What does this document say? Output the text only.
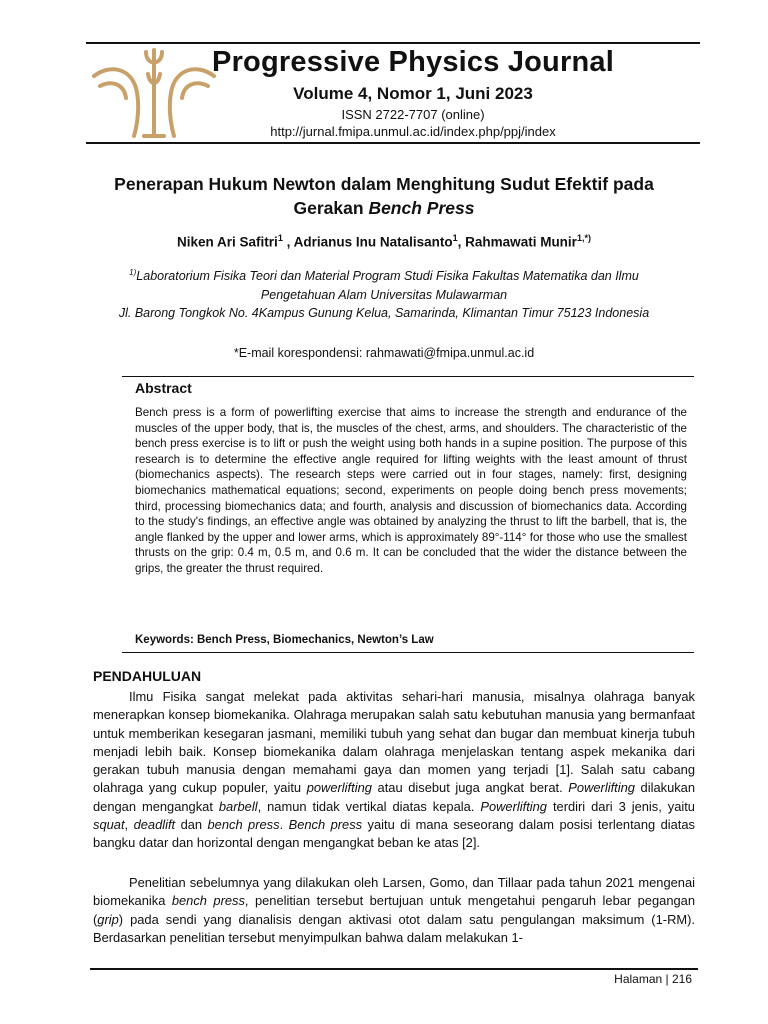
Progressive Physics Journal
Volume 4, Nomor 1, Juni 2023
ISSN 2722-7707 (online)
http://jurnal.fmipa.unmul.ac.id/index.php/ppj/index
Penerapan Hukum Newton dalam Menghitung Sudut Efektif pada
Gerakan Bench Press
Niken Ari Safitri$^1$ , Adrianus Inu Natalisanto$^1$, Rahmawati Munir$^{1,*)}$
$^{1)}$Laboratorium Fisika Teori dan Material Program Studi Fisika Fakultas Matematika dan Ilmu
Pengetahuan Alam Universitas Mulawarman
Jl. Barong Tongkok No. 4Kampus Gunung Kelua, Samarinda, Klimantan Timur 75123 Indonesia
*E-mail korespondensi: rahmawati@fmipa.unmul.ac.id
Abstract
Bench press is a form of powerlifting exercise that aims to increase the strength and endurance of the muscles of the upper body, that is, the muscles of the chest, arms, and shoulders. The characteristic of the bench press exercise is to lift or push the weight using both hands in a supine position. The purpose of this research is to determine the effective angle required for lifting weights with the least amount of thrust (biomechanics aspects). The research steps were carried out in four stages, namely: first, designing biomechanics mathematical equations; second, experiments on people doing bench press movements; third, processing biomechanics data; and fourth, analysis and discussion of biomechanics data. According to the study's findings, an effective angle was obtained by analyzing the thrust to lift the barbell, that is, the angle flanked by the upper and lower arms, which is approximately 89°-114° for those who use the smallest thrusts on the grip: 0.4 m, 0.5 m, and 0.6 m. It can be concluded that the wider the distance between the grips, the greater the thrust required.
Keywords: Bench Press, Biomechanics, Newton’s Law
PENDAHULUAN

Ilmu Fisika sangat melekat pada aktivitas sehari-hari manusia, misalnya olahraga banyak menerapkan konsep biomekanika. Olahraga merupakan salah satu kebutuhan manusia yang bermanfaat untuk memberikan kesegaran jasmani, memiliki tubuh yang sehat dan bugar dan membuat kinerja tubuh menjadi lebih baik. Konsep biomekanika dalam olahraga menjelaskan tentang aspek mekanika dari gerakan tubuh manusia dengan memahami gaya dan momen yang terjadi [1]. Salah satu cabang olahraga yang cukup populer, yaitu powerlifting atau disebut juga angkat berat. Powerlifting dilakukan dengan mengangkat barbell, namun tidak vertikal diatas kepala. Powerlifting terdiri dari 3 jenis, yaitu squat, deadlift dan bench press. Bench press yaitu di mana seseorang dalam posisi terlentang diatas bangku datar dan horizontal dengan mengangkat beban ke atas [2].

Penelitian sebelumnya yang dilakukan oleh Larsen, Gomo, dan Tillaar pada tahun 2021 mengenai biomekanika bench press, penelitian tersebut bertujuan untuk mengetahui pengaruh lebar pegangan (grip) pada sendi yang dianalisis dengan aktivasi otot dalam satu pengulangan maksimum (1-RM). Berdasarkan penelitian tersebut menyimpulkan bahwa dalam melakukan 1-

Halaman | 216
